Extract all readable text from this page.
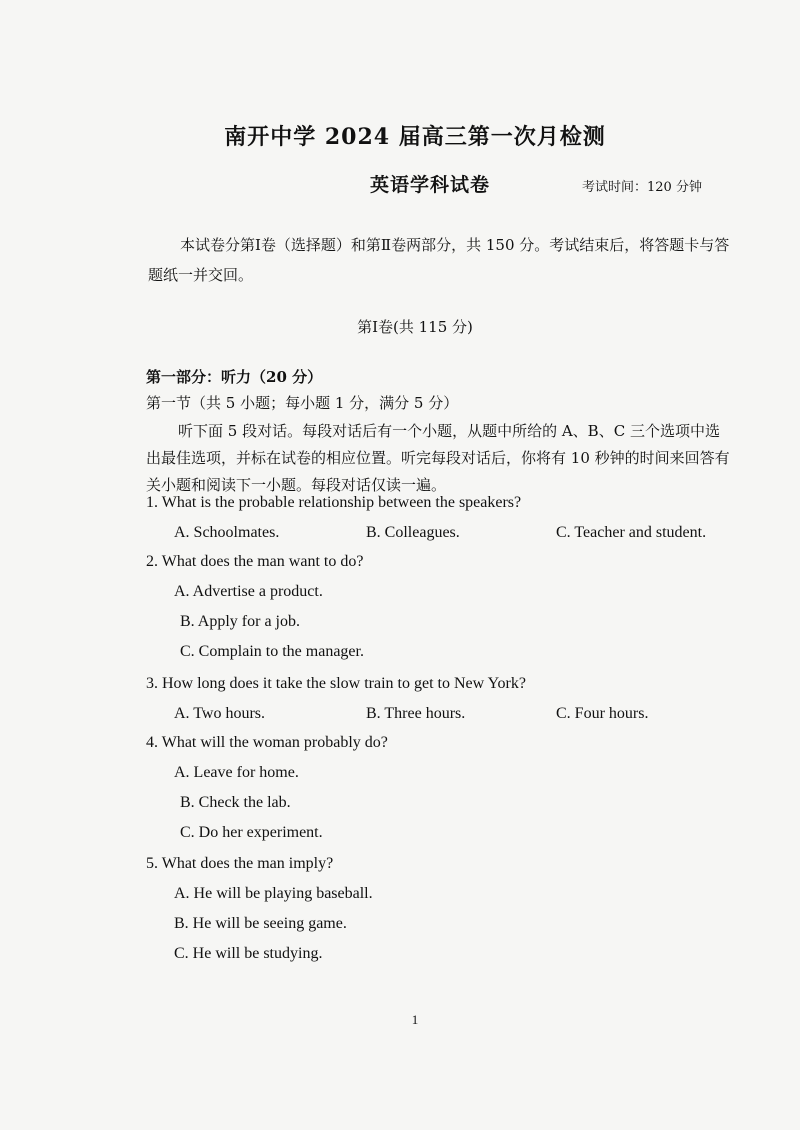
南开中学 2024 届高三第一次月检测
英语学科试卷	考试时间：120 分钟
本试卷分第Ⅰ卷（选择题）和第Ⅱ卷两部分，共 150 分。考试结束后，将答题卡与答题纸一并交回。
第Ⅰ卷(共 115 分)
第一部分：听力（20 分）
第一节（共 5 小题；每小题 1 分，满分 5 分）
听下面 5 段对话。每段对话后有一个小题，从题中所给的 A、B、C 三个选项中选出最佳选项，并标在试卷的相应位置。听完每段对话后，你将有 10 秒钟的时间来回答有关小题和阅读下一小题。每段对话仅读一遍。
1. What is the probable relationship between the speakers?
A. Schoolmates.	B. Colleagues.	C. Teacher and student.
2. What does the man want to do?
A. Advertise a product.
B. Apply for a job.
C. Complain to the manager.
3. How long does it take the slow train to get to New York?
A. Two hours.	B. Three hours.	C. Four hours.
4. What will the woman probably do?
A. Leave for home.
B. Check the lab.
C. Do her experiment.
5. What does the man imply?
A. He will be playing baseball.
B. He will be seeing game.
C. He will be studying.
1
